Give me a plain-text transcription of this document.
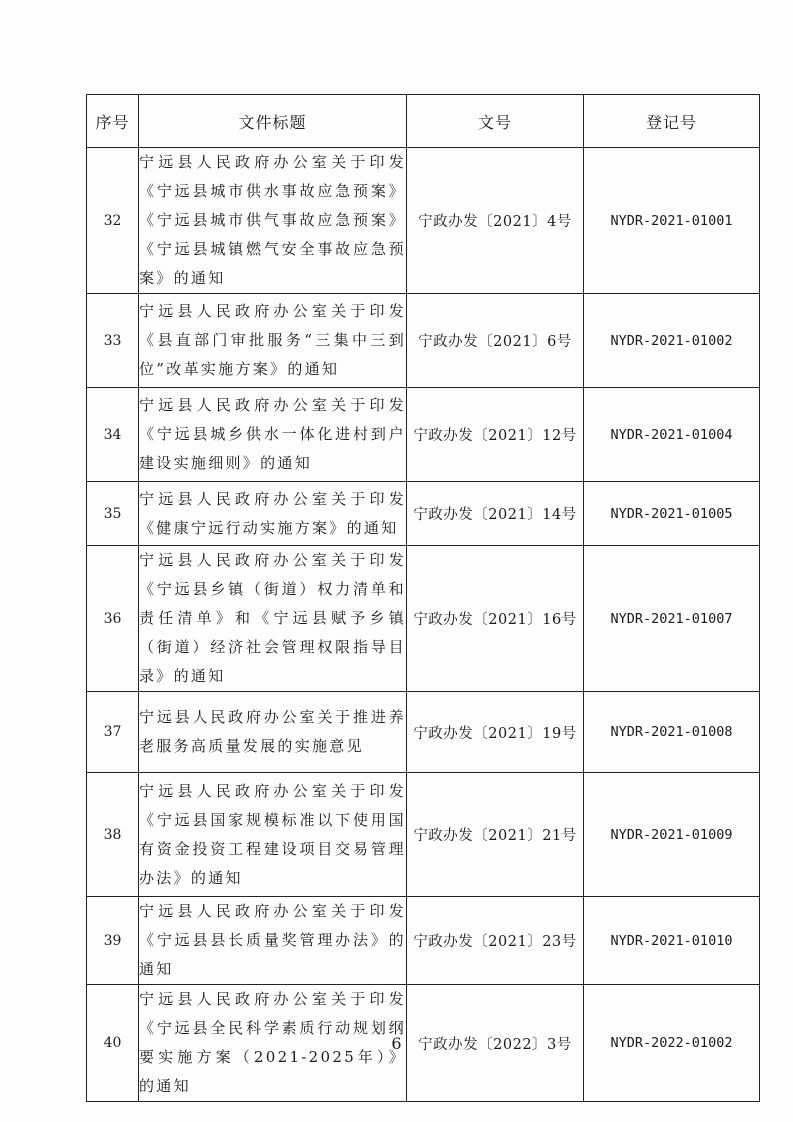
序号	文件标题	文号	登记号
32	宁远县人民政府办公室关于印发《宁远县城市供水事故应急预案》《宁远县城市供气事故应急预案》《宁远县城镇燃气安全事故应急预案》的通知	宁政办发〔2021〕4号	NYDR-2021-01001
33	宁远县人民政府办公室关于印发《县直部门审批服务“三集中三到位”改革实施方案》的通知	宁政办发〔2021〕6号	NYDR-2021-01002
34	宁远县人民政府办公室关于印发《宁远县城乡供水一体化进村到户建设实施细则》的通知	宁政办发〔2021〕12号	NYDR-2021-01004
35	宁远县人民政府办公室关于印发《健康宁远行动实施方案》的通知	宁政办发〔2021〕14号	NYDR-2021-01005
36	宁远县人民政府办公室关于印发《宁远县乡镇（街道）权力清单和责任清单》和《宁远县赋予乡镇（街道）经济社会管理权限指导目录》的通知	宁政办发〔2021〕16号	NYDR-2021-01007
37	宁远县人民政府办公室关于推进养老服务高质量发展的实施意见	宁政办发〔2021〕19号	NYDR-2021-01008
38	宁远县人民政府办公室关于印发《宁远县国家规模标准以下使用国有资金投资工程建设项目交易管理办法》的通知	宁政办发〔2021〕21号	NYDR-2021-01009
39	宁远县人民政府办公室关于印发《宁远县县长质量奖管理办法》的通知	宁政办发〔2021〕23号	NYDR-2021-01010
40	宁远县人民政府办公室关于印发《宁远县全民科学素质行动规划纲要实施方案（2021-2025年）》的通知	宁政办发〔2022〕3号	NYDR-2022-01002
6
